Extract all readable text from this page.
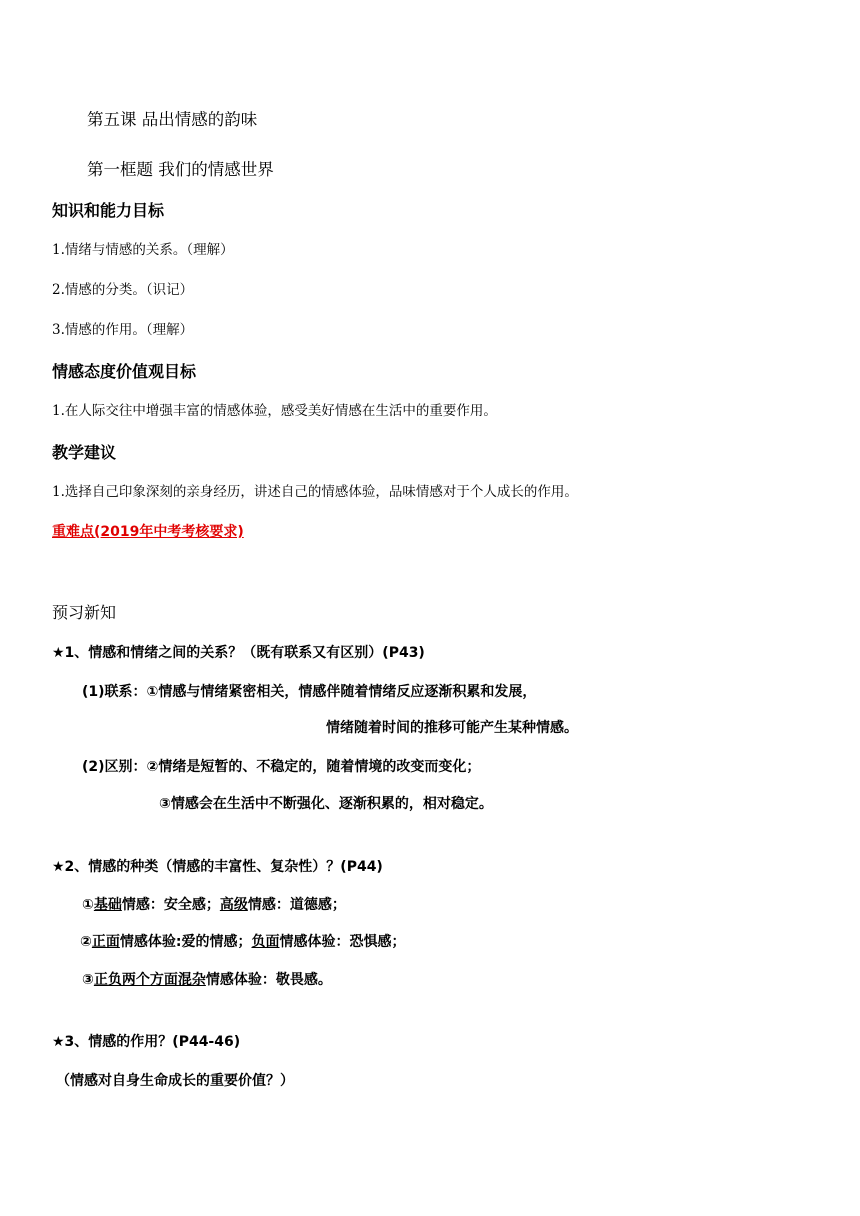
第五课 品出情感的韵味
第一框题 我们的情感世界
知识和能力目标
1.情绪与情感的关系。（理解）
2.情感的分类。（识记）
3.情感的作用。（理解）
情感态度价值观目标
1.在人际交往中增强丰富的情感体验，感受美好情感在生活中的重要作用。
教学建议
1.选择自己印象深刻的亲身经历，讲述自己的情感体验，品味情感对于个人成长的作用。
重难点(2019年中考考核要求)
预习新知
★1、情感和情绪之间的关系？（既有联系又有区别）(P43)
(1)联系：①情感与情绪紧密相关，情感伴随着情绪反应逐渐积累和发展，
情绪随着时间的推移可能产生某种情感。
(2)区别：②情绪是短暂的、不稳定的，随着情境的改变而变化；
③情感会在生活中不断强化、逐渐积累的，相对稳定。
★2、情感的种类（情感的丰富性、复杂性）？(P44)
①基础情感：安全感；高级情感：道德感；
②正面情感体验:爱的情感；负面情感体验：恐惧感；
③正负两个方面混杂情感体验：敬畏感。
★3、情感的作用？(P44-46)
（情感对自身生命成长的重要价值？）
